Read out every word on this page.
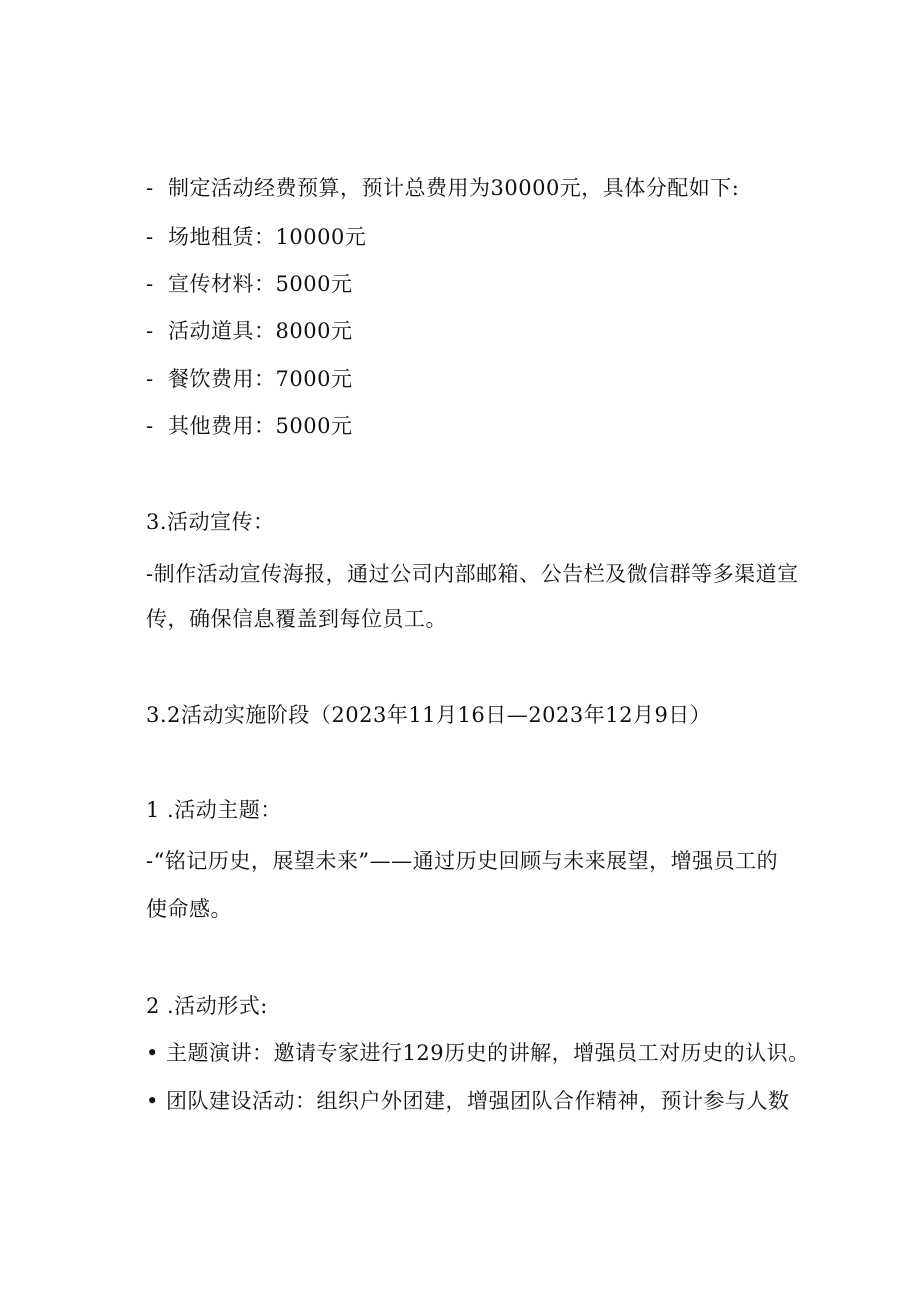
- 制定活动经费预算，预计总费用为30000元，具体分配如下:
- 场地租赁：10000元
- 宣传材料：5000元
- 活动道具：8000元
- 餐饮费用：7000元
- 其他费用：5000元
3.活动宣传：
-制作活动宣传海报，通过公司内部邮箱、公告栏及微信群等多渠道宣
传，确保信息覆盖到每位员工。
3.2活动实施阶段（2023年11月16日—2023年12月9日）
1 .活动主题：
-“铭记历史，展望未来”——通过历史回顾与未来展望，增强员工的
使命感。
2 .活动形式:
• 主题演讲：邀请专家进行129历史的讲解，增强员工对历史的认识。
• 团队建设活动：组织户外团建，增强团队合作精神，预计参与人数
